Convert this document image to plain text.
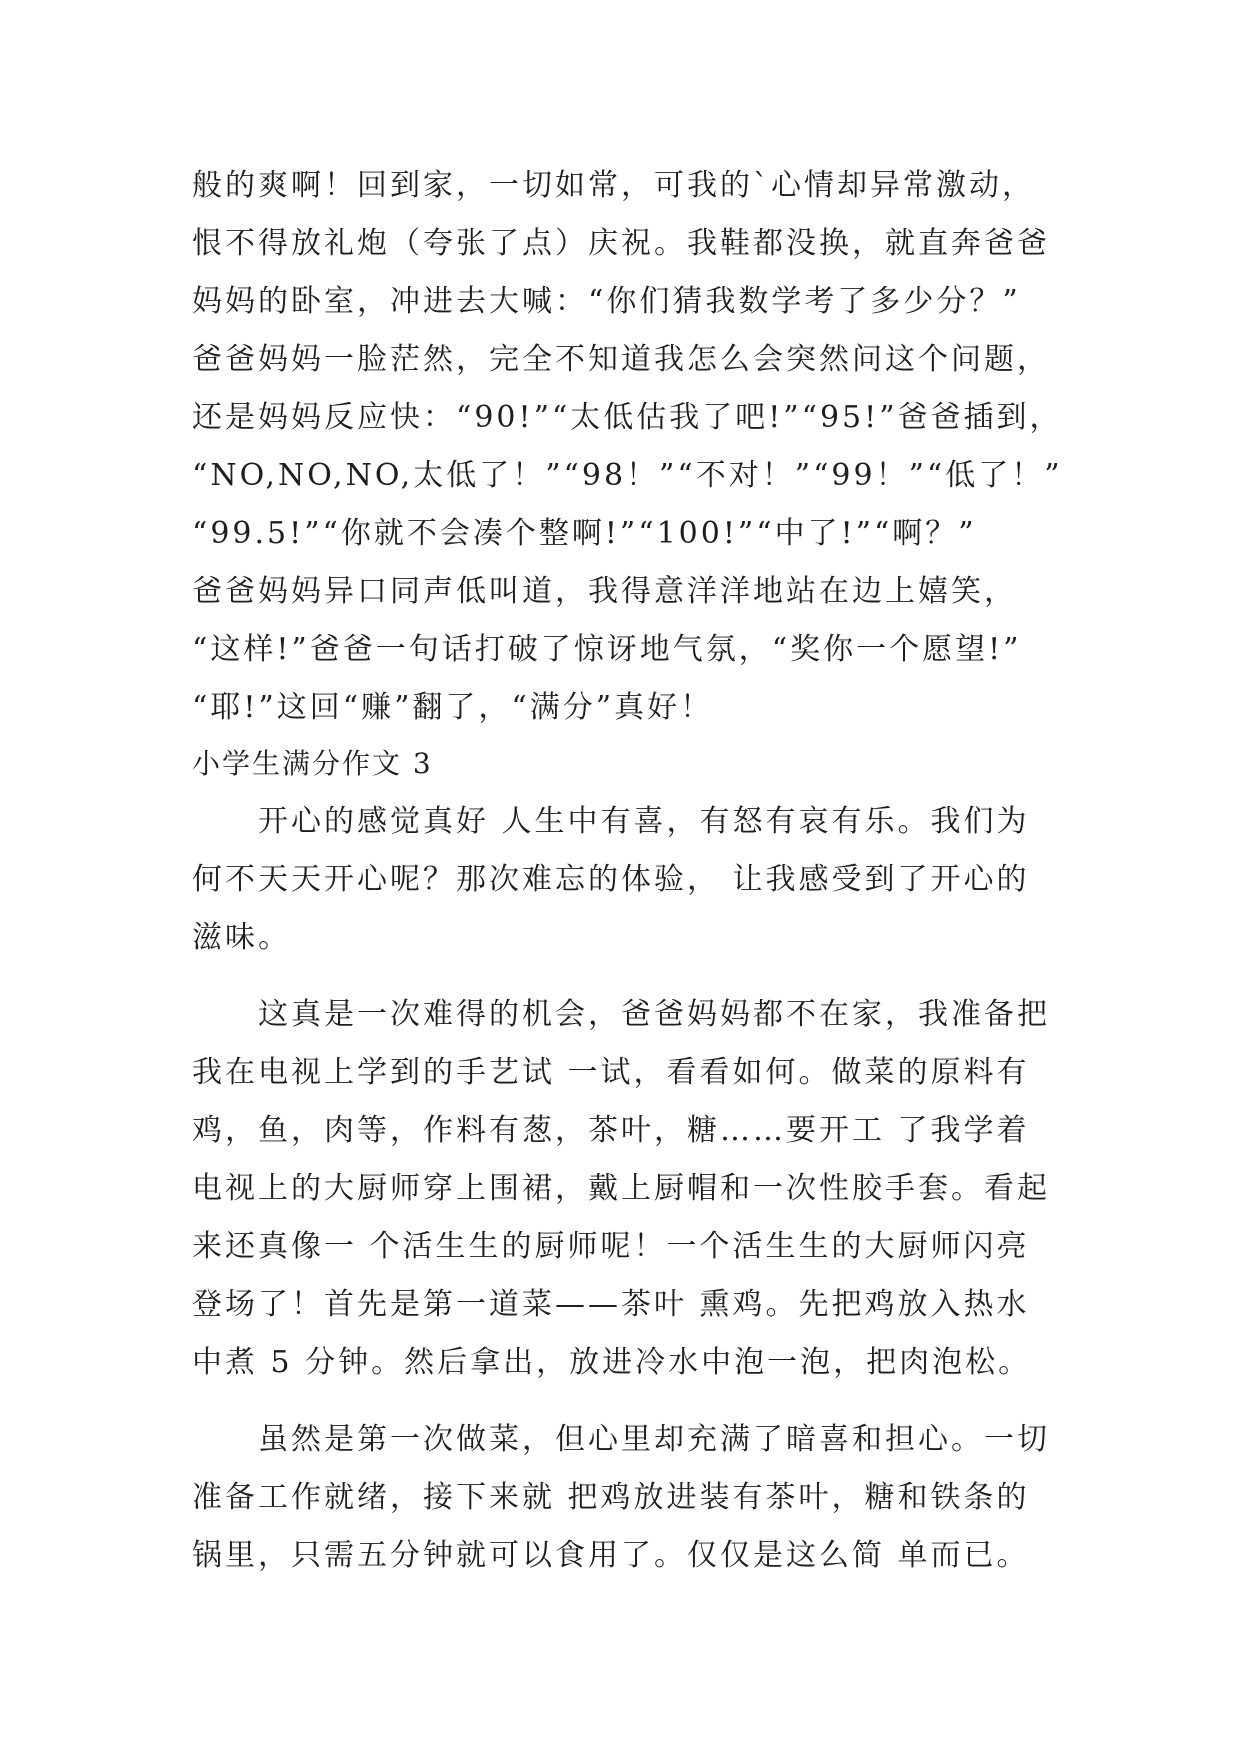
般的爽啊！回到家，一切如常，可我的`心情却异常激动，

恨不得放礼炮（夸张了点）庆祝。我鞋都没换，就直奔爸爸

妈妈的卧室，冲进去大喊：“你们猜我数学考了多少分？”

爸爸妈妈一脸茫然，完全不知道我怎么会突然问这个问题，

还是妈妈反应快：“90!”“太低估我了吧!”“95!”爸爸插到，

“NO,NO,NO,太低了！”“98！”“不对！”“99！”“低了！”

“99.5!”“你就不会凑个整啊!”“100!”“中了!”“啊？”

爸爸妈妈异口同声低叫道，我得意洋洋地站在边上嬉笑，

“这样!”爸爸一句话打破了惊讶地气氛，“奖你一个愿望!”

“耶!”这回“赚”翻了，“满分”真好！

小学生满分作文 3

　　开心的感觉真好 人生中有喜，有怒有哀有乐。我们为

何不天天开心呢？那次难忘的体验， 让我感受到了开心的

滋味。

　　这真是一次难得的机会，爸爸妈妈都不在家，我准备把

我在电视上学到的手艺试 一试，看看如何。做菜的原料有

鸡，鱼，肉等，作料有葱，茶叶，糖……要开工 了我学着

电视上的大厨师穿上围裙，戴上厨帽和一次性胶手套。看起

来还真像一 个活生生的厨师呢！一个活生生的大厨师闪亮

登场了！首先是第一道菜——茶叶 熏鸡。先把鸡放入热水

中煮 5 分钟。然后拿出，放进冷水中泡一泡，把肉泡松。

　　虽然是第一次做菜，但心里却充满了暗喜和担心。一切

准备工作就绪，接下来就 把鸡放进装有茶叶，糖和铁条的

锅里，只需五分钟就可以食用了。仅仅是这么简 单而已。
